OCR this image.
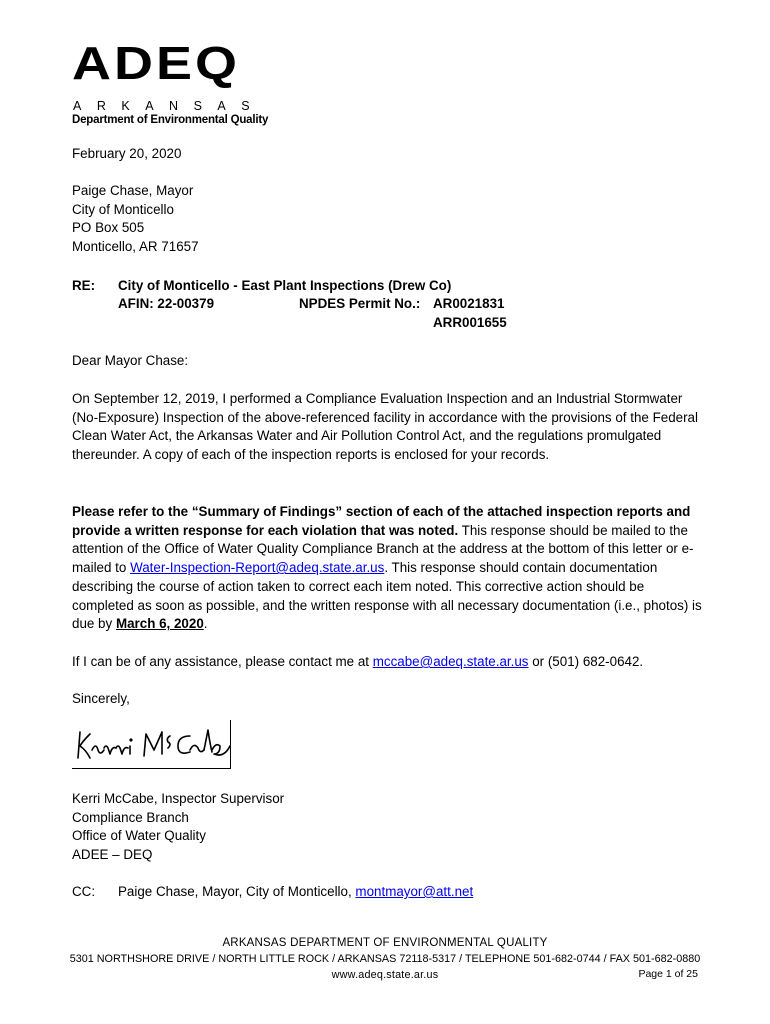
ADEQ
ARKANSAS
Department of Environmental Quality
February 20, 2020
Paige Chase, Mayor
City of Monticello
PO Box 505
Monticello, AR 71657
RE: City of Monticello - East Plant Inspections (Drew Co)
AFIN: 22-00379	NPDES Permit No.: AR0021831
ARR001655
Dear Mayor Chase:
On September 12, 2019, I performed a Compliance Evaluation Inspection and an Industrial Stormwater (No-Exposure) Inspection of the above-referenced facility in accordance with the provisions of the Federal Clean Water Act, the Arkansas Water and Air Pollution Control Act, and the regulations promulgated thereunder. A copy of each of the inspection reports is enclosed for your records.
Please refer to the “Summary of Findings” section of each of the attached inspection reports and provide a written response for each violation that was noted. This response should be mailed to the attention of the Office of Water Quality Compliance Branch at the address at the bottom of this letter or e-mailed to Water-Inspection-Report@adeq.state.ar.us. This response should contain documentation describing the course of action taken to correct each item noted. This corrective action should be completed as soon as possible, and the written response with all necessary documentation (i.e., photos) is due by March 6, 2020.
If I can be of any assistance, please contact me at mccabe@adeq.state.ar.us or (501) 682-0642.
Sincerely,
Kerri McCabe, Inspector Supervisor
Compliance Branch
Office of Water Quality
ADEE – DEQ
CC: Paige Chase, Mayor, City of Monticello, montmayor@att.net
ARKANSAS DEPARTMENT OF ENVIRONMENTAL QUALITY
5301 NORTHSHORE DRIVE / NORTH LITTLE ROCK / ARKANSAS 72118-5317 / TELEPHONE 501-682-0744 / FAX 501-682-0880
www.adeq.state.ar.us	Page 1 of 25
